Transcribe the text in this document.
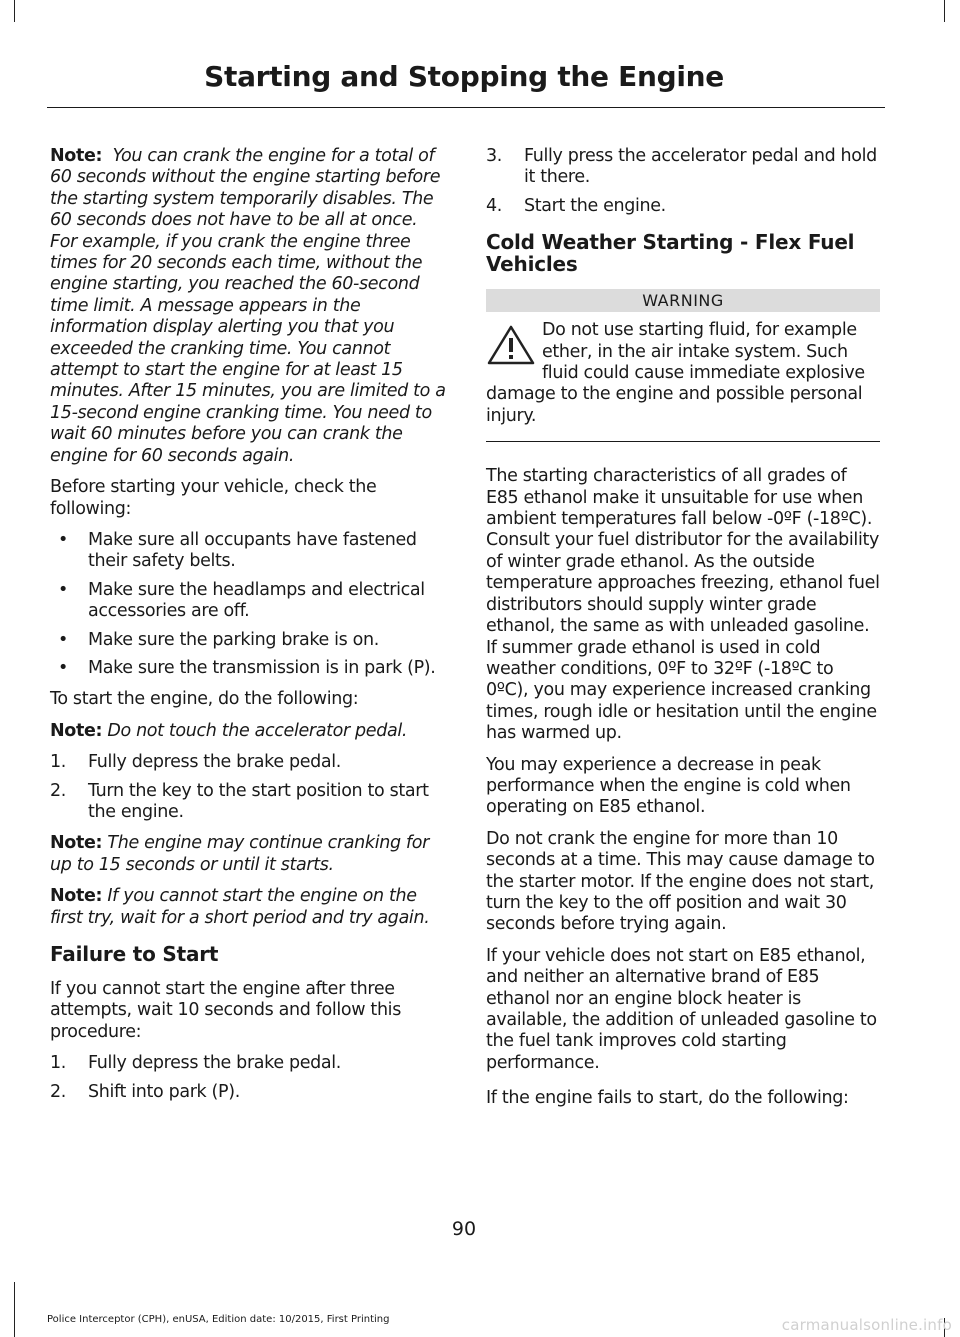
Starting and Stopping the Engine

Note: You can crank the engine for a total of 60 seconds without the engine starting before the starting system temporarily disables. The 60 seconds does not have to be all at once. For example, if you crank the engine three times for 20 seconds each time, without the engine starting, you reached the 60-second time limit. A message appears in the information display alerting you that you exceeded the cranking time. You cannot attempt to start the engine for at least 15 minutes. After 15 minutes, you are limited to a 15-second engine cranking time. You need to wait 60 minutes before you can crank the engine for 60 seconds again.

Before starting your vehicle, check the following:

• Make sure all occupants have fastened their safety belts.
• Make sure the headlamps and electrical accessories are off.
• Make sure the parking brake is on.
• Make sure the transmission is in park (P).

To start the engine, do the following:

Note: Do not touch the accelerator pedal.

1. Fully depress the brake pedal.
2. Turn the key to the start position to start the engine.

Note: The engine may continue cranking for up to 15 seconds or until it starts.

Note: If you cannot start the engine on the first try, wait for a short period and try again.

Failure to Start

If you cannot start the engine after three attempts, wait 10 seconds and follow this procedure:

1. Fully depress the brake pedal.
2. Shift into park (P).
3. Fully press the accelerator pedal and hold it there.
4. Start the engine.
Cold Weather Starting - Flex Fuel Vehicles
WARNING
Do not use starting fluid, for example ether, in the air intake system. Such fluid could cause immediate explosive damage to the engine and possible personal injury.

The starting characteristics of all grades of E85 ethanol make it unsuitable for use when ambient temperatures fall below -0ºF (-18ºC). Consult your fuel distributor for the availability of winter grade ethanol. As the outside temperature approaches freezing, ethanol fuel distributors should supply winter grade ethanol, the same as with unleaded gasoline. If summer grade ethanol is used in cold weather conditions, 0ºF to 32ºF (-18ºC to 0ºC), you may experience increased cranking times, rough idle or hesitation until the engine has warmed up.

You may experience a decrease in peak performance when the engine is cold when operating on E85 ethanol.

Do not crank the engine for more than 10 seconds at a time. This may cause damage to the starter motor. If the engine does not start, turn the key to the off position and wait 30 seconds before trying again.

If your vehicle does not start on E85 ethanol, and neither an alternative brand of E85 ethanol nor an engine block heater is available, the addition of unleaded gasoline to the fuel tank improves cold starting performance.

If the engine fails to start, do the following:

90
Police Interceptor (CPH), enUSA, Edition date: 10/2015, First Printing	carmanualsonline.info
